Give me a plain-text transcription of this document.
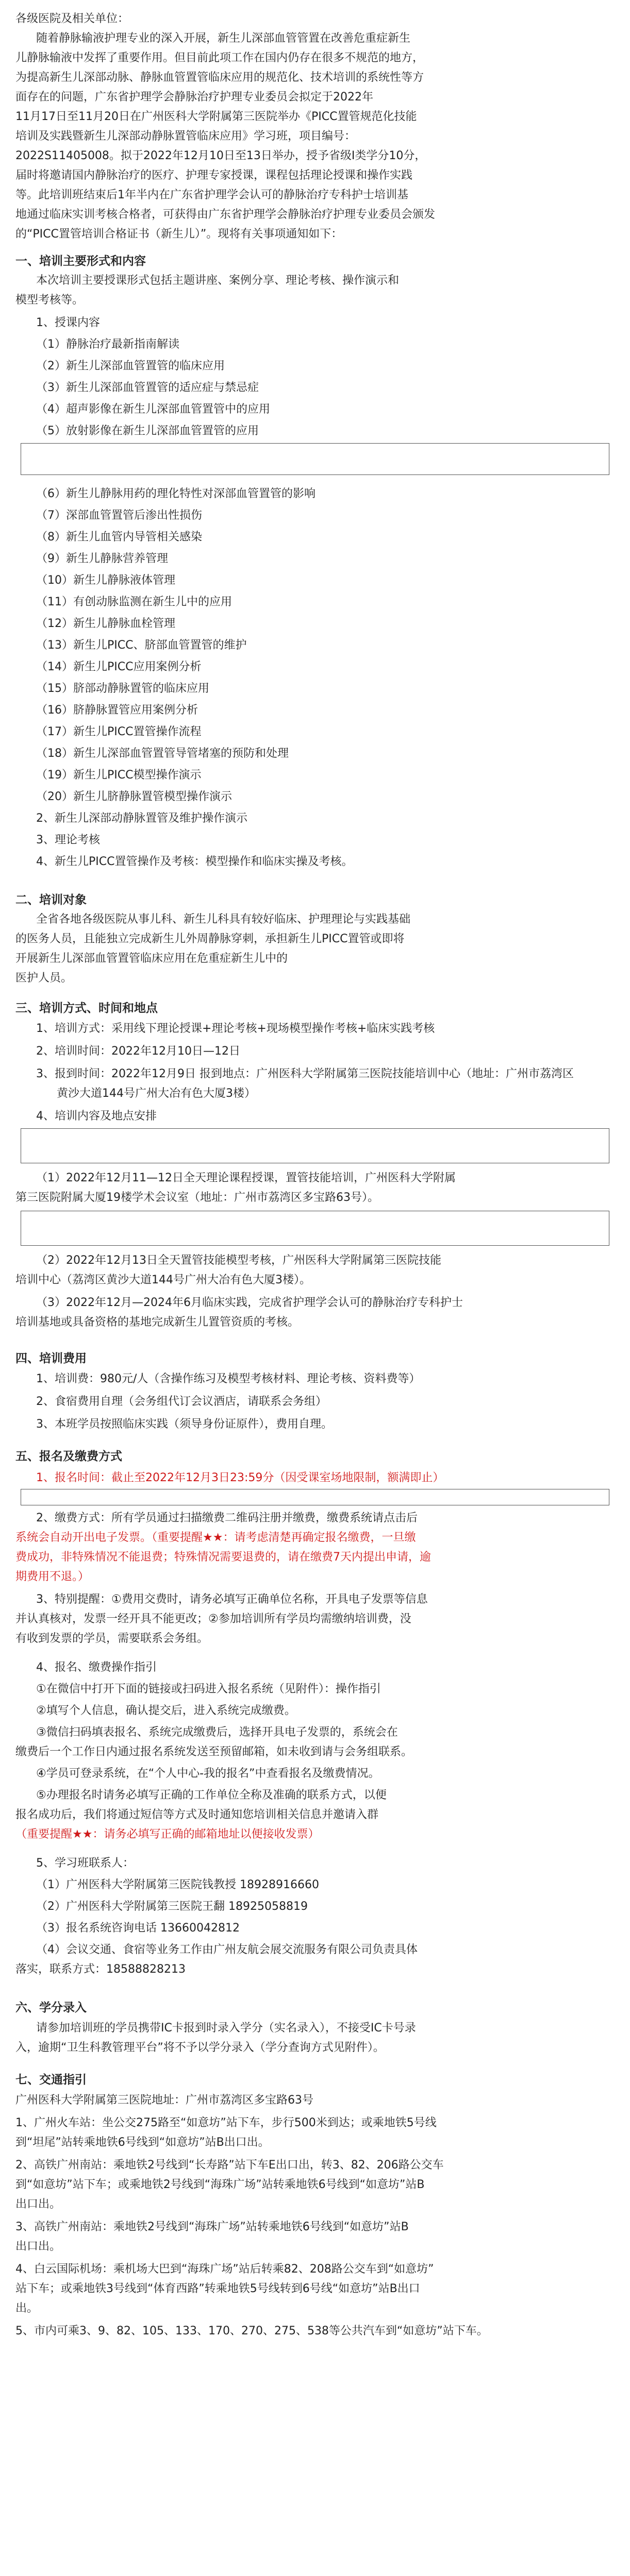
各级医院及相关单位：
随着静脉输液护理专业的深入开展，新生儿深部血管管置在改善危重症新生
儿静脉输液中发挥了重要作用。但目前此项工作在国内仍存在很多不规范的地方，
为提高新生儿深部动脉、静脉血管置管临床应用的规范化、技术培训的系统性等方
面存在的问题，广东省护理学会静脉治疗护理专业委员会拟定于2022年
11月17日至11月20日在广州医科大学附属第三医院举办《PICC置管规范化技能
培训及实践暨新生儿深部动静脉置管临床应用》学习班，项目编号：
2022S11405008。拟于2022年12月10日至13日举办，授予省级I类学分10分，
届时将邀请国内静脉治疗的医疗、护理专家授课，课程包括理论授课和操作实践
等。此培训班结束后1年半内在广东省护理学会认可的静脉治疗专科护士培训基
地通过临床实训考核合格者，可获得由广东省护理学会静脉治疗护理专业委员会颁发
的“PICC置管培训合格证书（新生儿）”。现将有关事项通知如下：
一、培训主要形式和内容
本次培训主要授课形式包括主题讲座、案例分享、理论考核、操作演示和
模型考核等。
1、授课内容
（1）静脉治疗最新指南解读
（2）新生儿深部血管置管的临床应用
（3）新生儿深部血管置管的适应症与禁忌症
（4）超声影像在新生儿深部血管置管中的应用
（5）放射影像在新生儿深部血管置管的应用
（6）新生儿静脉用药的理化特性对深部血管置管的影响
（7）深部血管置管后渗出性损伤
（8）新生儿血管内导管相关感染
（9）新生儿静脉营养管理
（10）新生儿静脉液体管理
（11）有创动脉监测在新生儿中的应用
（12）新生儿静脉血栓管理
（13）新生儿PICC、脐部血管置管的维护
（14）新生儿PICC应用案例分析
（15）脐部动静脉置管的临床应用
（16）脐静脉置管应用案例分析
（17）新生儿PICC置管操作流程
（18）新生儿深部血管置管导管堵塞的预防和处理
（19）新生儿PICC模型操作演示
（20）新生儿脐静脉置管模型操作演示
2、新生儿深部动静脉置管及维护操作演示
3、理论考核
4、新生儿PICC置管操作及考核：模型操作和临床实操及考核。
二、培训对象
全省各地各级医院从事儿科、新生儿科具有较好临床、护理理论与实践基础
的医务人员，且能独立完成新生儿外周静脉穿刺，承担新生儿PICC置管或即将
开展新生儿深部血管置管临床应用在危重症新生儿中的
医护人员。
三、培训方式、时间和地点
1、培训方式：采用线下理论授课+理论考核+现场模型操作考核+临床实践考核
2、培训时间：2022年12月10日—12日
3、报到时间：2022年12月9日 报到地点：广州医科大学附属第三医院技能培训中心（地址：广州市荔湾区
黄沙大道144号广州大冶有色大厦3楼）
4、培训内容及地点安排
（1）2022年12月11—12日全天理论课程授课，置管技能培训，广州医科大学附属
第三医院附属大厦19楼学术会议室（地址：广州市荔湾区多宝路63号）。
（2）2022年12月13日全天置管技能模型考核，广州医科大学附属第三医院技能
培训中心（荔湾区黄沙大道144号广州大冶有色大厦3楼）。
（3）2022年12月—2024年6月临床实践，完成省护理学会认可的静脉治疗专科护士
培训基地或具备资格的基地完成新生儿置管资质的考核。
四、培训费用
1、培训费：980元/人（含操作练习及模型考核材料、理论考核、资料费等）
2、食宿费用自理（会务组代订会议酒店，请联系会务组）
3、本班学员按照临床实践（须导身份证原件），费用自理。
五、报名及缴费方式
1、报名时间：截止至2022年12月3日23:59分（因受课室场地限制，额满即止）
2、缴费方式：所有学员通过扫描缴费二维码注册并缴费，缴费系统请点击后
系统会自动开出电子发票。（重要提醒★★：请考虑清楚再确定报名缴费，一旦缴
费成功，非特殊情况不能退费；特殊情况需要退费的，请在缴费7天内提出申请，逾
期费用不退。）
3、特别提醒：①费用交费时，请务必填写正确单位名称，开具电子发票等信息
并认真核对，发票一经开具不能更改；②参加培训所有学员均需缴纳培训费，没
有收到发票的学员，需要联系会务组。
4、报名、缴费操作指引
①在微信中打开下面的链接或扫码进入报名系统（见附件）：操作指引
②填写个人信息，确认提交后，进入系统完成缴费。
③微信扫码填表报名、系统完成缴费后，选择开具电子发票的，系统会在
缴费后一个工作日内通过报名系统发送至预留邮箱，如未收到请与会务组联系。
④学员可登录系统，在“个人中心-我的报名”中查看报名及缴费情况。
⑤办理报名时请务必填写正确的工作单位全称及准确的联系方式，以便
报名成功后，我们将通过短信等方式及时通知您培训相关信息并邀请入群
（重要提醒★★：请务必填写正确的邮箱地址以便接收发票）
5、学习班联系人：
（1）广州医科大学附属第三医院钱教授 18928916660
（2）广州医科大学附属第三医院王翻 18925058819
（3）报名系统咨询电话 13660042812
（4）会议交通、食宿等业务工作由广州友航会展交流服务有限公司负责具体
落实，联系方式：18588828213
六、学分录入
请参加培训班的学员携带IC卡报到时录入学分（实名录入），不接受IC卡号录
入，逾期“卫生科教管理平台”将不予以学分录入（学分查询方式见附件）。
七、交通指引
广州医科大学附属第三医院地址：广州市荔湾区多宝路63号
1、广州火车站：坐公交275路至“如意坊”站下车，步行500米到达；或乘地铁5号线
到“坦尾”站转乘地铁6号线到“如意坊”站B出口出。
2、高铁广州南站：乘地铁2号线到“长寿路”站下车E出口出，转3、82、206路公交车
到“如意坊”站下车；或乘地铁2号线到“海珠广场”站转乘地铁6号线到“如意坊”站B
出口出。
3、高铁广州南站：乘地铁2号线到“海珠广场”站转乘地铁6号线到“如意坊”站B
出口出。
4、白云国际机场：乘机场大巴到“海珠广场”站后转乘82、208路公交车到“如意坊”
站下车；或乘地铁3号线到“体育西路”转乘地铁5号线转到6号线“如意坊”站B出口
出。
5、市内可乘3、9、82、105、133、170、270、275、538等公共汽车到“如意坊”站下车。
